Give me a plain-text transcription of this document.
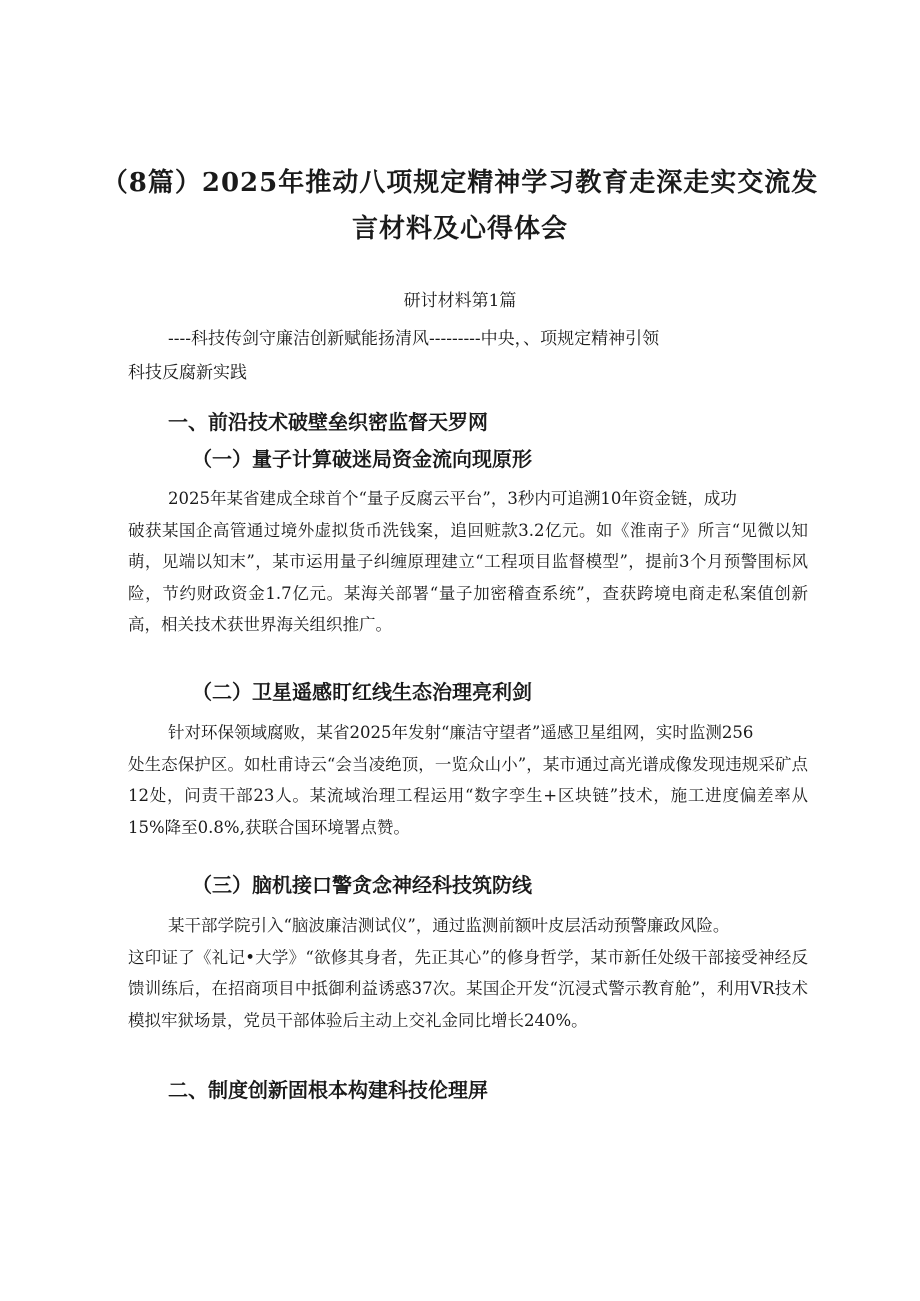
（8篇）2025年推动八项规定精神学习教育走深走实交流发言材料及心得体会
研讨材料第1篇
----科技传剑守廉洁创新赋能扬清风---------中央，、项规定精神引领
科技反腐新实践
一、前沿技术破壁垒织密监督天罗网
（一）量子计算破迷局资金流向现原形
2025年某省建成全球首个“量子反腐云平台”，3秒内可追溯10年资金链，成功
破获某国企高管通过境外虚拟货币洗钱案，追回赃款3.2亿元。如《淮南子》所言“见微以知萌，见端以知末”，某市运用量子纠缠原理建立“工程项目监督模型”，提前3个月预警围标风险，节约财政资金1.7亿元。某海关部署“量子加密稽查系统”，查获跨境电商走私案值创新高，相关技术获世界海关组织推广。
（二）卫星遥感盯红线生态治理亮利剑
针对环保领域腐败，某省2025年发射“廉洁守望者”遥感卫星组网，实时监测256
处生态保护区。如杜甫诗云“会当凌绝顶，一览众山小”，某市通过高光谱成像发现违规采矿点12处，问责干部23人。某流域治理工程运用“数字孪生+区块链”技术，施工进度偏差率从15%降至0.8%,获联合国环境署点赞。
（三）脑机接口警贪念神经科技筑防线
某干部学院引入“脑波廉洁测试仪”，通过监测前额叶皮层活动预警廉政风险。
这印证了《礼记•大学》“欲修其身者，先正其心”的修身哲学，某市新任处级干部接受神经反馈训练后，在招商项目中抵御利益诱惑37次。某国企开发“沉浸式警示教育舱”，利用VR技术模拟牢狱场景，党员干部体验后主动上交礼金同比增长240%。
二、制度创新固根本构建科技伦理屏
